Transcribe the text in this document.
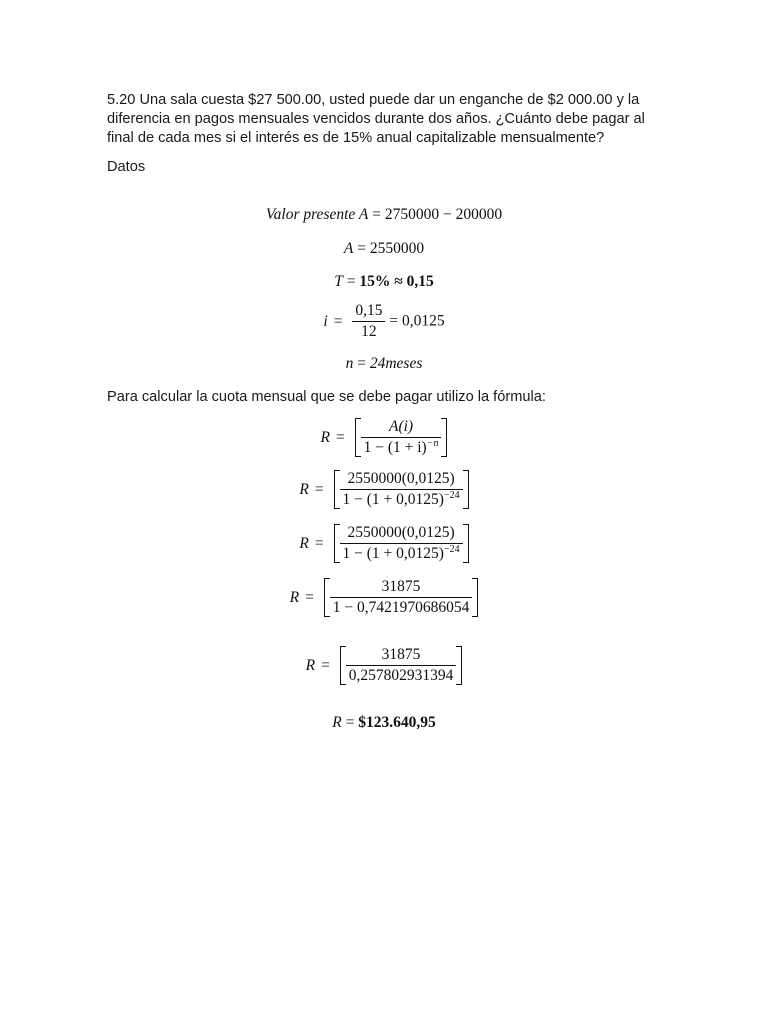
5.20 Una sala cuesta $27 500.00, usted puede dar un enganche de $2 000.00 y la diferencia en pagos mensuales vencidos durante dos años. ¿Cuánto debe pagar al final de cada mes si el interés es de 15% anual capitalizable mensualmente?
Datos
Valor presente A = 2750000 − 200000
A = 2550000
T = 15% ≈ 0,15
$i = \frac{0,15}{12} = 0,0125$
n = 24meses
Para calcular la cuota mensual que se debe pagar utilizo la fórmula:
$R = \frac{A(i)}{1 - (1 + i)^{-n}}$
$R = \frac{2550000(0,0125)}{1 - (1 + 0,0125)^{-24}}$
$R = \frac{2550000(0,0125)}{1 - (1 + 0,0125)^{-24}}$
$R = \frac{31875}{1 - 0,7421970686054}$
$R = \frac{31875}{0,257802931394}$
R = $123.640,95
